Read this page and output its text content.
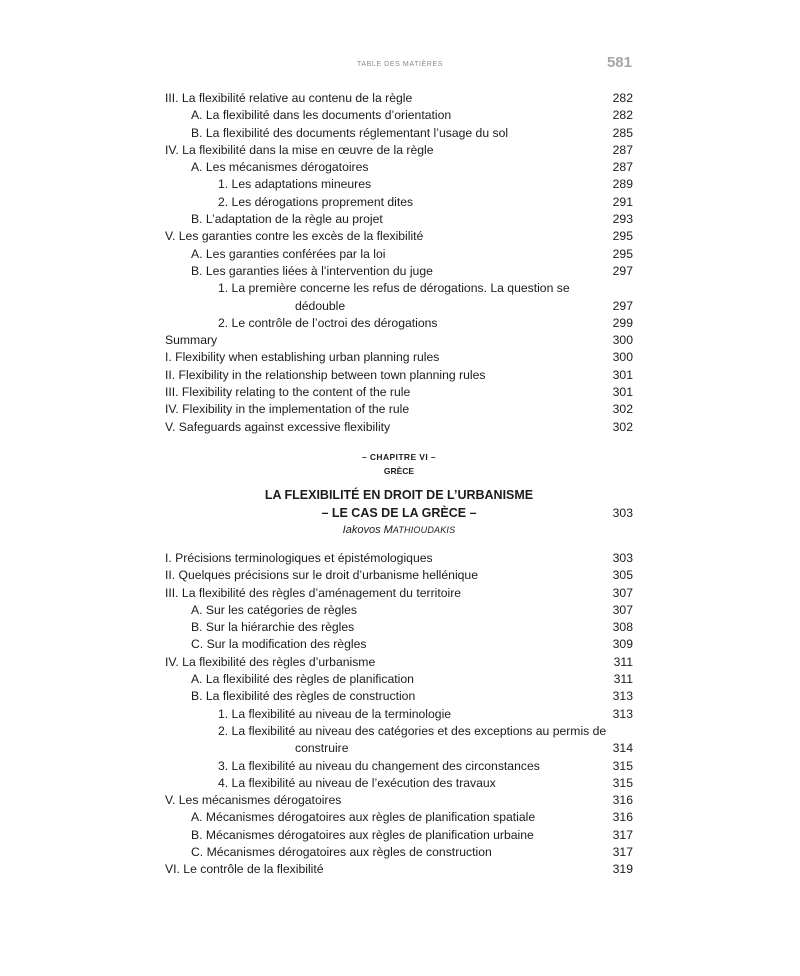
TABLE DES MATIÈRES	581
III. La flexibilité relative au contenu de la règle	282
A. La flexibilité dans les documents d’orientation	282
B. La flexibilité des documents réglementant l’usage du sol	285
IV. La flexibilité dans la mise en œuvre de la règle	287
A. Les mécanismes dérogatoires	287
1. Les adaptations mineures	289
2. Les dérogations proprement dites	291
B. L’adaptation de la règle au projet	293
V. Les garanties contre les excès de la flexibilité	295
A. Les garanties conférées par la loi	295
B. Les garanties liées à l’intervention du juge	297
1. La première concerne les refus de dérogations. La question se
dédouble	297
2. Le contrôle de l’octroi des dérogations	299
Summary	300
I. Flexibility when establishing urban planning rules	300
II. Flexibility in the relationship between town planning rules	301
III. Flexibility relating to the content of the rule	301
IV. Flexibility in the implementation of the rule	302
V. Safeguards against excessive flexibility	302
– CHAPITRE VI –
GRÈCE
LA FLEXIBILITÉ EN DROIT DE L’URBANISME
– LE CAS DE LA GRÈCE –	303
Iakovos MATHIOUDAKIS
I. Précisions terminologiques et épistémologiques	303
II. Quelques précisions sur le droit d’urbanisme hellénique	305
III. La flexibilité des règles d’aménagement du territoire	307
A. Sur les catégories de règles	307
B. Sur la hiérarchie des règles	308
C. Sur la modification des règles	309
IV. La flexibilité des règles d’urbanisme	311
A. La flexibilité des règles de planification	311
B. La flexibilité des règles de construction	313
1. La flexibilité au niveau de la terminologie	313
2. La flexibilité au niveau des catégories et des exceptions au permis de
construire	314
3. La flexibilité au niveau du changement des circonstances	315
4. La flexibilité au niveau de l’exécution des travaux	315
V. Les mécanismes dérogatoires	316
A. Mécanismes dérogatoires aux règles de planification spatiale	316
B. Mécanismes dérogatoires aux règles de planification urbaine	317
C. Mécanismes dérogatoires aux règles de construction	317
VI. Le contrôle de la flexibilité	319
